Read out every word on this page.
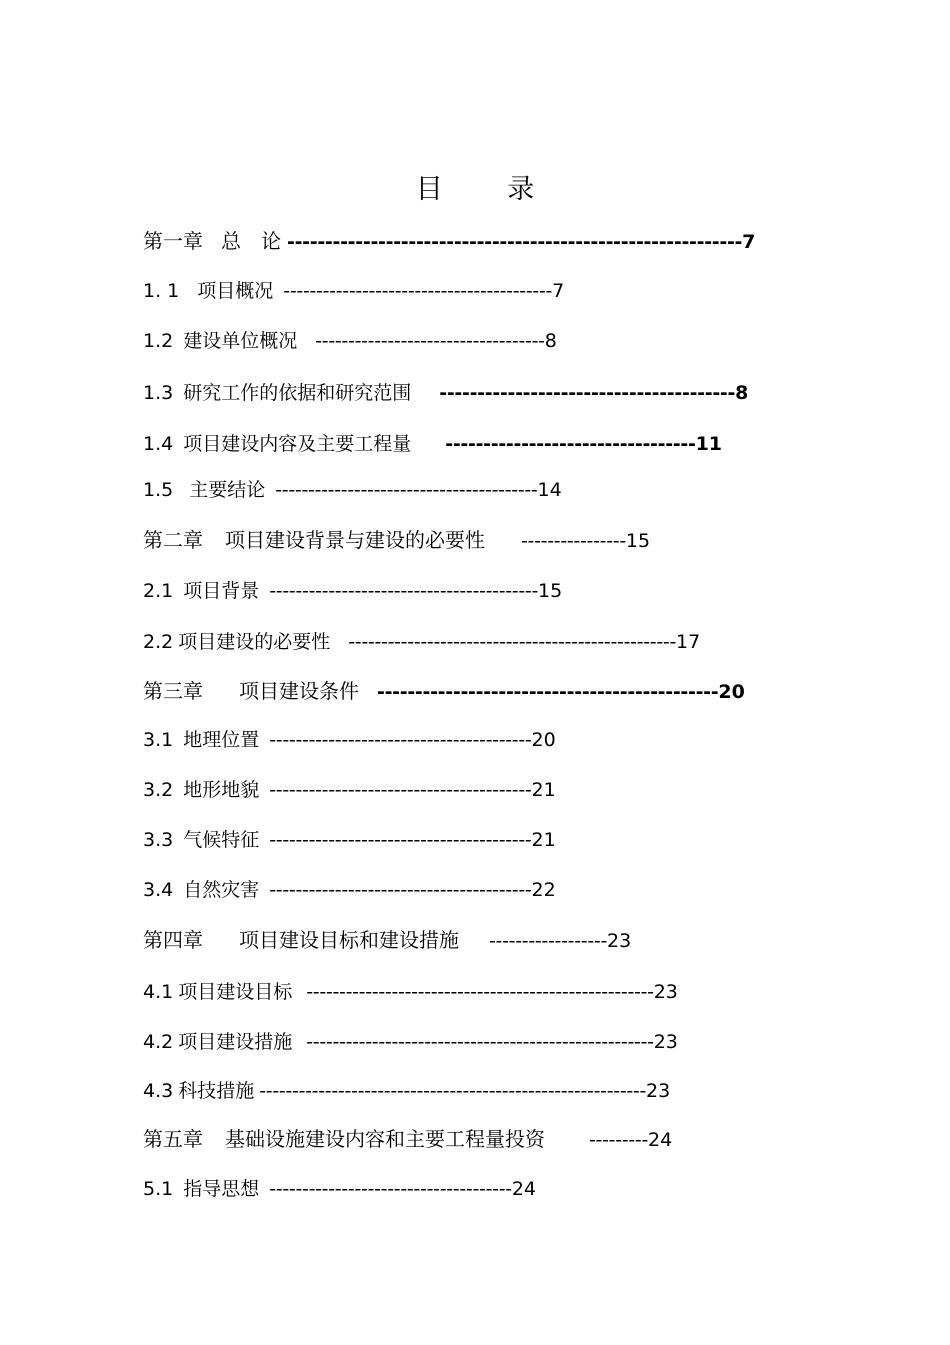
目 录
第一章 总　论 ------------------------------------------------------------ 7
1. 1 项目概况 ----------------------------------------- 7
1.2 建设单位概况 ----------------------------------- 8
1.3 研究工作的依据和研究范围 --------------------------------------- 8
1.4 项目建设内容及主要工程量 --------------------------------- 11
1.5 主要结论 ---------------------------------------- 14
第二章 项目建设背景与建设的必要性 ---------------- 15
2.1 项目背景 ----------------------------------------- 15
2.2 项目建设的必要性 -------------------------------------------------- 17
第三章 项目建设条件 --------------------------------------------- 20
3.1 地理位置 ---------------------------------------- 20
3.2 地形地貌 ---------------------------------------- 21
3.3 气候特征 ---------------------------------------- 21
3.4 自然灾害 ---------------------------------------- 22
第四章 项目建设目标和建设措施 ------------------ 23
4.1 项目建设目标 ----------------------------------------------------- 23
4.2 项目建设措施 ----------------------------------------------------- 23
4.3 科技措施 ----------------------------------------------------------- 23
第五章 基础设施建设内容和主要工程量投资 --------- 24
5.1 指导思想 ------------------------------------- 24
